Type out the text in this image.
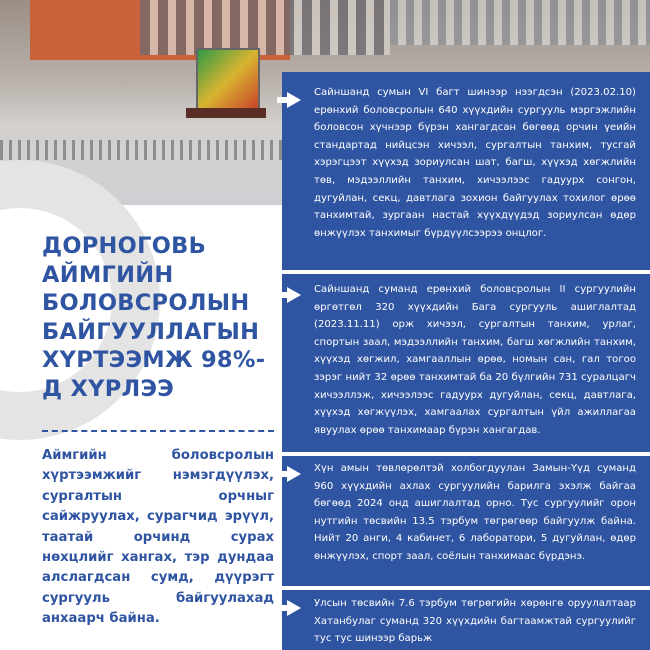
Сайншанд сумын VI багт шинээр нээгдсэн (2023.02.10) ерөнхий боловсролын 640 хүүхдийн сургууль мэргэжлийн боловсон хүчнээр бүрэн хангагдсан бөгөөд орчин үеийн стандартад нийцсэн хичээл, сургалтын танхим, тусгай хэрэгцээт хүүхэд зориулсан шат, багш, хүүхэд хөгжлийн төв, мэдээллийн танхим, хичээлээс гадуурх сонгон, дугуйлан, секц, давтлага зохион байгуулах тохилог өрөө танхимтай, зургаан настай хүүхдүүдэд зориулсан өдөр өнжүүлэх танхимыг бүрдүүлсээрээ онцлог.

Сайншанд суманд ерөнхий боловсролын II сургуулийн өргөтгөл 320 хүүхдийн Бага сургууль ашиглалтад (2023.11.11) орж хичээл, сургалтын танхим, урлаг, спортын заал, мэдээллийн танхим, багш хөгжлийн танхим, хүүхэд хөгжил, хамгааллын өрөө, номын сан, гал тогоо зэрэг нийт 32 өрөө танхимтай ба 20 бүлгийн 731 суралцагч хичээллэж, хичээлээс гадуурх дугуйлан, секц, давтлага, хүүхэд хөгжүүлэх, хамгаалах сургалтын үйл ажиллагаа явуулах өрөө танхимаар бүрэн хангагдав.

Хүн амын төвлөрөлтэй холбогдуулан Замын-Үүд суманд 960 хүүхдийн ахлах сургуулийн барилга эхэлж байгаа бөгөөд 2024 онд ашиглалтад орно. Тус сургуулийг орон нутгийн төсвийн 13.5 тэрбум төгрөгөөр байгуулж байна. Нийт 20 анги, 4 кабинет, 6 лаборатори, 5 дугуйлан, өдөр өнжүүлэх, спорт заал, соёлын танхимаас бүрдэнэ.

Улсын төсвийн 7.6 тэрбум төгрөгийн хөрөнгө оруулалтаар Хатанбулаг суманд 320 хүүхдийн багтаамжтай сургуулийг тус тус шинээр барьж

ДОРНОГОВЬ АЙМГИЙН БОЛОВСРОЛЫН БАЙГУУЛЛАГЫН ХҮРТЭЭМЖ 98%-Д ХҮРЛЭЭ

Аймгийн боловсролын хүртээмжийг нэмэгдүүлэх, сургалтын орчныг сайжруулах, сурагчид эрүүл, таатай орчинд сурах нөхцлийг хангах, тэр дундаа алслагдсан сумд, дүүрэгт сургууль байгуулахад анхаарч байна.
